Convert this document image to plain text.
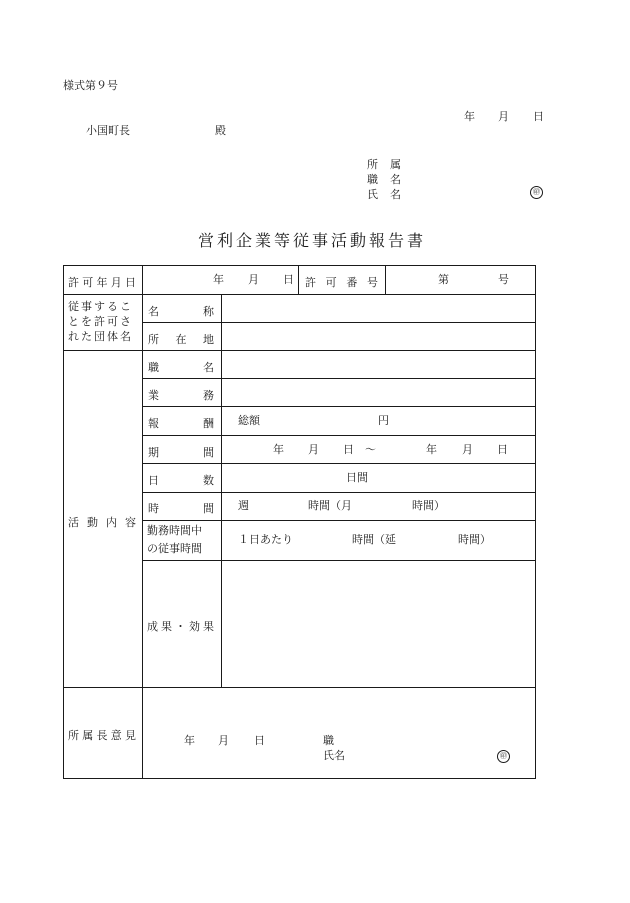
様式第９号
年 月 日
小国町長	殿
所 属
職 名
氏 名	㊞
営利企業等従事活動報告書
許 可 年 月 日	年 月 日 許 可 番 号	第	号
従事するこ
とを許可さ
れた団体名
名	称
所 在 地
活 動 内 容
職	名
業	務
報	酬 総額	円
期	間	年 月 日 ～	年 月 日
日	数	日間
時	間 週	時間（月	時間）
勤務時間中
の従事時間
１日あたり	時間（延	時間）
成 果 ・ 効 果
所 属 長 意 見	年 月 日	職
氏名	㊞
